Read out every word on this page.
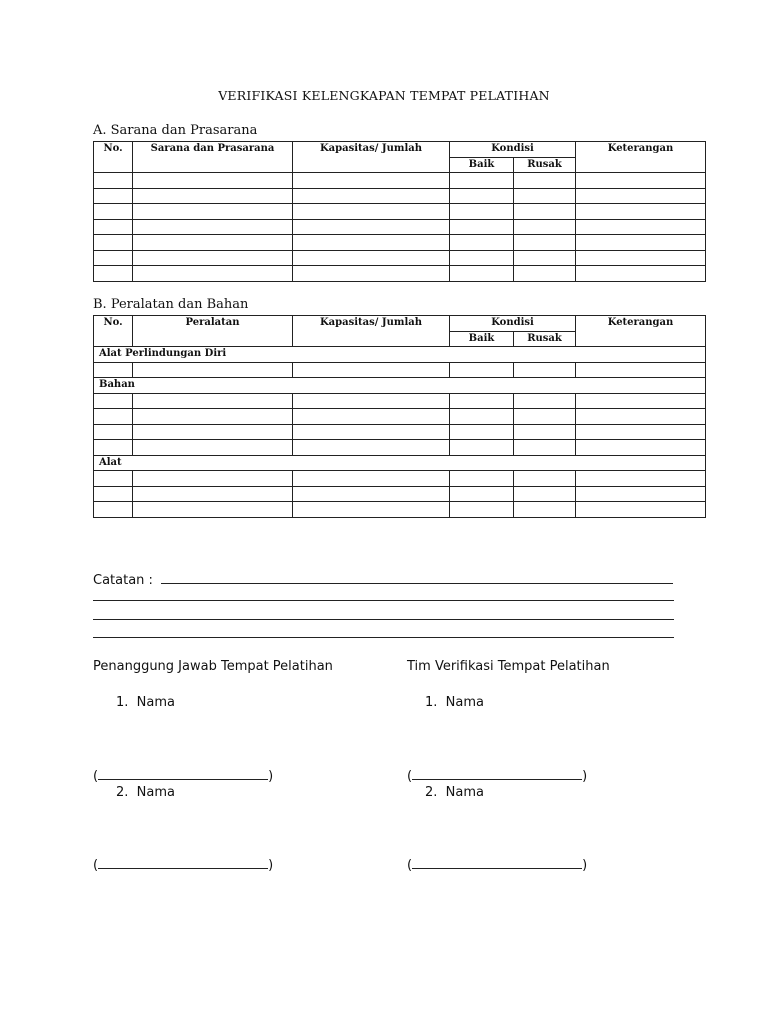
VERIFIKASI KELENGKAPAN TEMPAT PELATIHAN
A. Sarana dan Prasarana
No.	Sarana dan Prasarana	Kapasitas/ Jumlah	Kondisi		Keterangan
			Baik	Rusak	

B. Peralatan dan Bahan
No.	Peralatan	Kapasitas/ Jumlah	Kondisi		Keterangan
			Baik	Rusak	
Alat Perlindungan Diri					

Bahan					

Alat					

Catatan :
Penanggung Jawab Tempat Pelatihan
1. Nama
(	)
2. Nama
(	)
Tim Verifikasi Tempat Pelatihan
1. Nama
(	)
2. Nama
(	)
